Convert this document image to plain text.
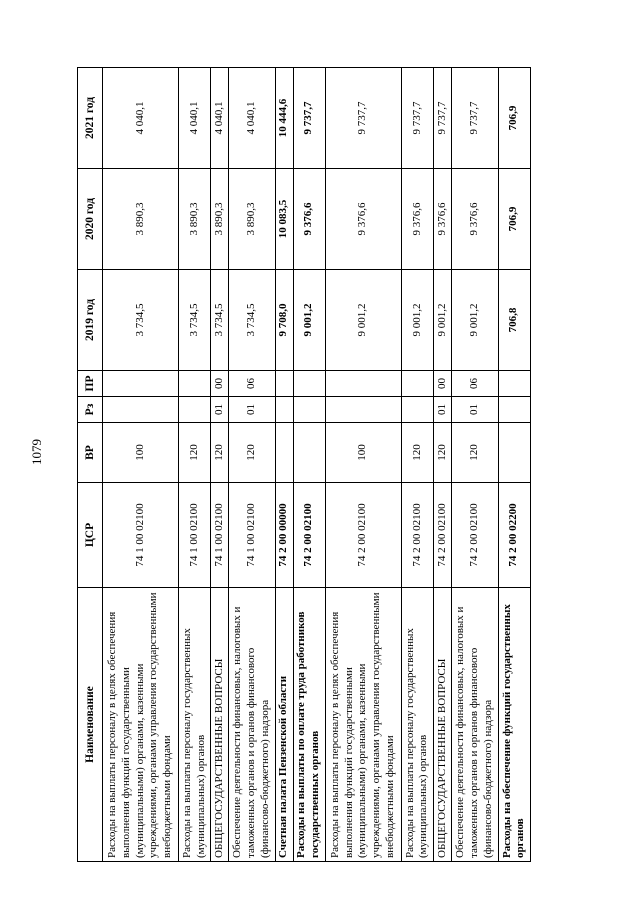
1079
Наименование	ЦСР	ВР	Рз	ПР	2019 год	2020 год	2021 год
Расходы на выплаты персоналу в целях обеспечения выполнения функций государственными (муниципальными) органами, казенными учреждениями, органами управления государственными внебюджетными фондами	74 1 00 02100	100			3 734,5	3 890,3	4 040,1
Расходы на выплаты персоналу государственных (муниципальных) органов	74 1 00 02100	120			3 734,5	3 890,3	4 040,1
ОБЩЕГОСУДАРСТВЕННЫЕ ВОПРОСЫ	74 1 00 02100	120	01	00	3 734,5	3 890,3	4 040,1
Обеспечение деятельности финансовых, налоговых и таможенных органов и органов финансового (финансово-бюджетного) надзора	74 1 00 02100	120	01	06	3 734,5	3 890,3	4 040,1
Счетная палата Пензенской области	74 2 00 00000				9 708,0	10 083,5	10 444,6
Расходы на выплаты по оплате труда работников государственных органов	74 2 00 02100				9 001,2	9 376,6	9 737,7
Расходы на выплаты персоналу в целях обеспечения выполнения функций государственными (муниципальными) органами, казенными учреждениями, органами управления государственными внебюджетными фондами	74 2 00 02100	100			9 001,2	9 376,6	9 737,7
Расходы на выплаты персоналу государственных (муниципальных) органов	74 2 00 02100	120			9 001,2	9 376,6	9 737,7
ОБЩЕГОСУДАРСТВЕННЫЕ ВОПРОСЫ	74 2 00 02100	120	01	00	9 001,2	9 376,6	9 737,7
Обеспечение деятельности финансовых, налоговых и таможенных органов и органов финансового (финансово-бюджетного) надзора	74 2 00 02100	120	01	06	9 001,2	9 376,6	9 737,7
Расходы на обеспечение функций государственных органов	74 2 00 02200				706,8	706,9	706,9
